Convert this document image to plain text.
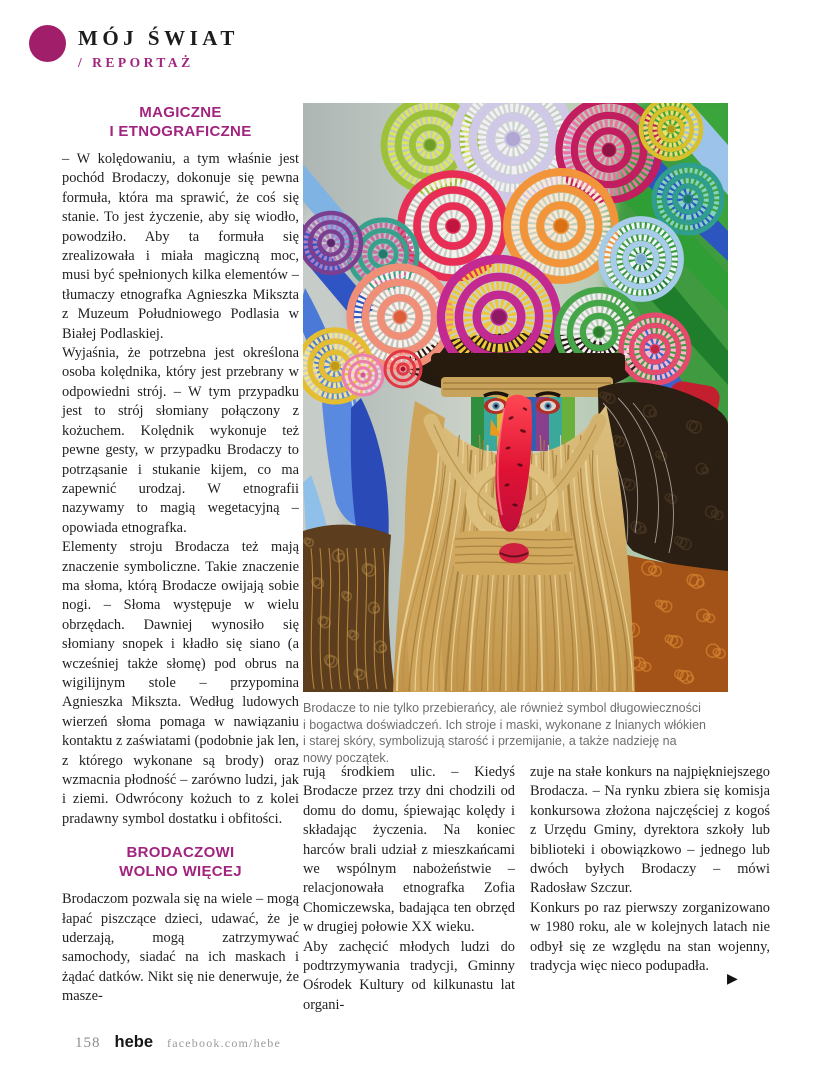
MÓJ ŚWIAT
/ REPORTAŻ
MAGICZNE
I ETNOGRAFICZNE

– W kolędowaniu, a tym właśnie jest pochód Brodaczy, dokonuje się pewna formuła, która ma sprawić, że coś się stanie. To jest życzenie, aby się wiodło, powodziło. Aby ta formuła się zrealizowała i miała magiczną moc, musi być spełnionych kilka elementów – tłumaczy etnografka Agnieszka Mikszta z Muzeum Południowego Podlasia w Białej Podlaskiej.

Wyjaśnia, że potrzebna jest określona osoba kolędnika, który jest przebrany w odpowiedni strój. – W tym przypadku jest to strój słomiany połączony z kożuchem. Kolędnik wykonuje też pewne gesty, w przypadku Brodaczy to potrząsanie i stukanie kijem, co ma zapewnić urodzaj. W etnografii nazywamy to magią wegetacyjną – opowiada etnografka.

Elementy stroju Brodacza też mają znaczenie symboliczne. Takie znaczenie ma słoma, którą Brodacze owijają sobie nogi. – Słoma występuje w wielu obrzędach. Dawniej wynosiło się słomiany snopek i kładło się siano (a wcześniej także słomę) pod obrus na wigilijnym stole – przypomina Agnieszka Mikszta. Według ludowych wierzeń słoma pomaga w nawiązaniu kontaktu z zaświatami (podobnie jak len, z którego wykonane są brody) oraz wzmacnia płodność – zarówno ludzi, jak i ziemi. Odwrócony kożuch to z kolei pradawny symbol dostatku i obfitości.

BRODACZOWI
WOLNO WIĘCEJ

Brodaczom pozwala się na wiele – mogą łapać piszczące dzieci, udawać, że je uderzają, mogą zatrzymywać samochody, siadać na ich maskach i żądać datków. Nikt się nie denerwuje, że masze-

Brodacze to nie tylko przebierańcy, ale również symbol długowieczności i bogactwa doświadczeń. Ich stroje i maski, wykonane z lnianych włókien i starej skóry, symbolizują starość i przemijanie, a także nadzieję na nowy początek.

rują środkiem ulic. – Kiedyś Brodacze przez trzy dni chodzili od domu do domu, śpiewając kolędy i składając życzenia. Na koniec harców brali udział z mieszkańcami we wspólnym nabożeństwie – relacjonowała etnografka Zofia Chomiczewska, badająca ten obrzęd w drugiej połowie XX wieku.

Aby zachęcić młodych ludzi do podtrzymywania tradycji, Gminny Ośrodek Kultury od kilkunastu lat organi-

zuje na stałe konkurs na najpiękniejszego Brodacza. – Na rynku zbiera się komisja konkursowa złożona najczęściej z kogoś z Urzędu Gminy, dyrektora szkoły lub biblioteki i obowiązkowo – jednego lub dwóch byłych Brodaczy – mówi Radosław Szczur.

Konkurs po raz pierwszy zorganizowano w 1980 roku, ale w kolejnych latach nie odbył się ze względu na stan wojenny, tradycja więc nieco podupadła.

▶
158 hebe facebook.com/hebe
